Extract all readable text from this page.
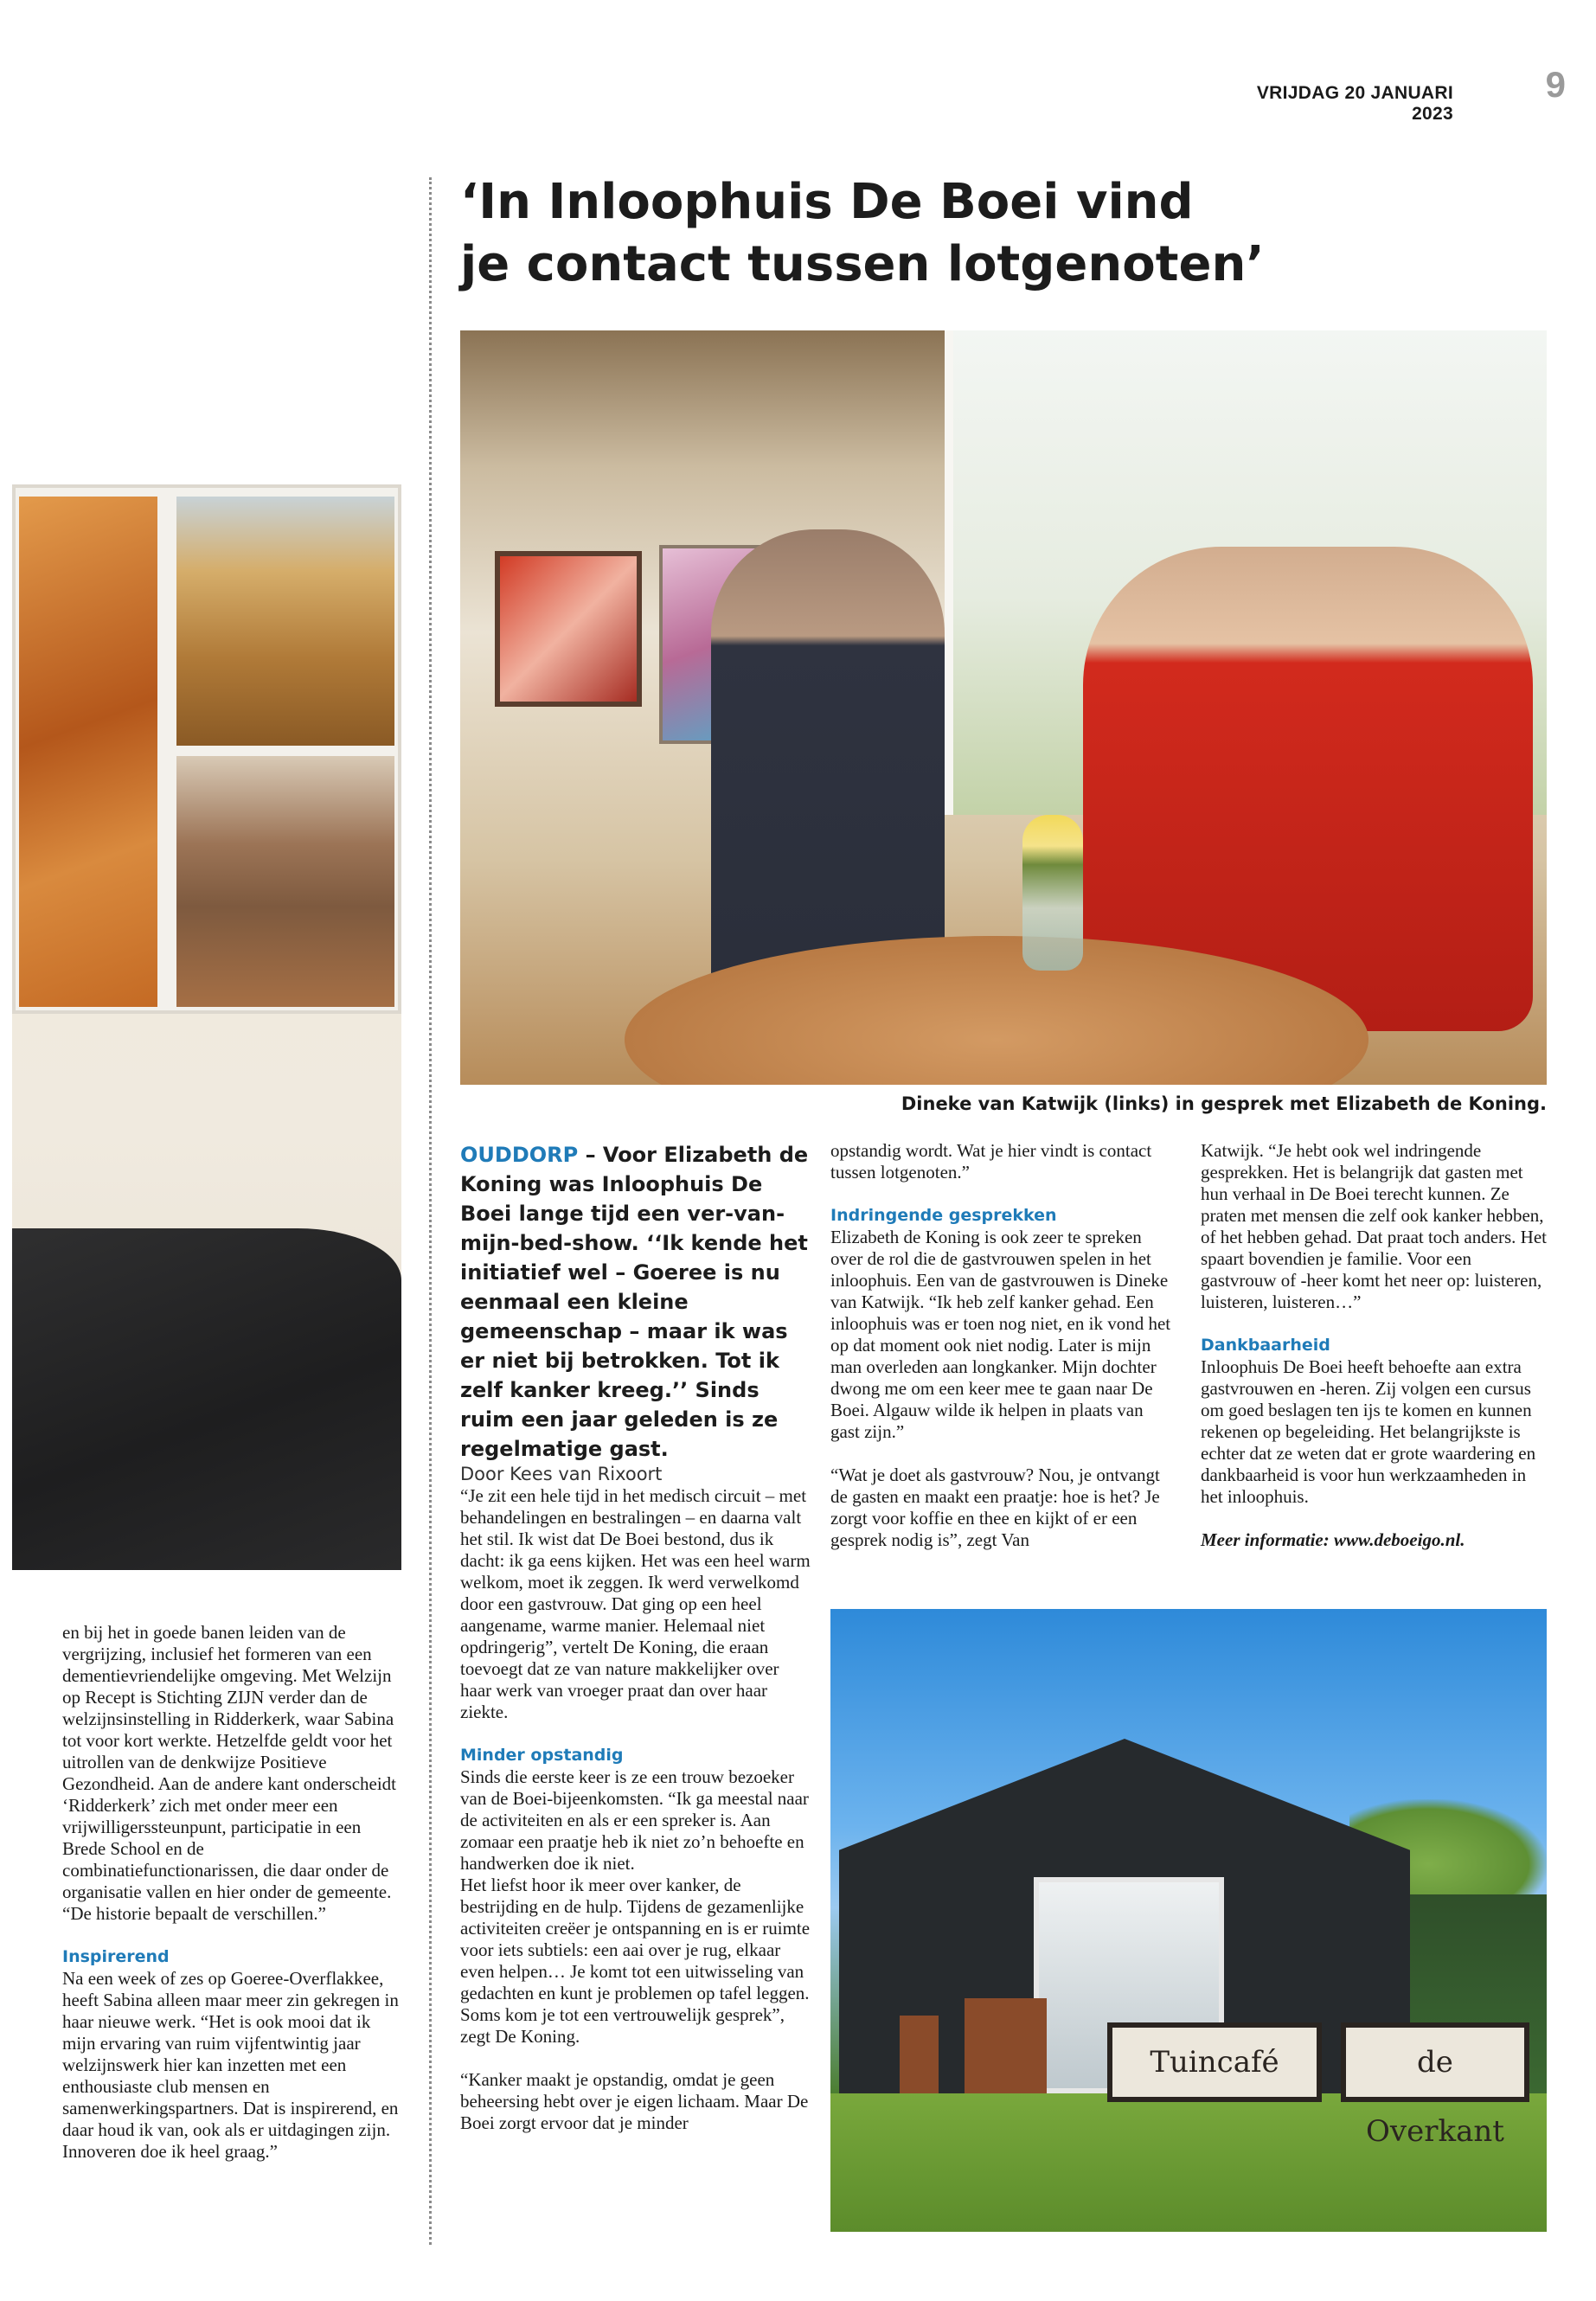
VRIJDAG 20 JANUARI 2023
9
‘In Inloophuis De Boei vind
je contact tussen lotgenoten’
Dineke van Katwijk (links) in gesprek met Elizabeth de Koning.

en bij het in goede banen leiden van de vergrijzing, inclusief het formeren van een dementievriendelijke omgeving. Met Welzijn op Recept is Stichting ZIJN verder dan de welzijnsinstelling in Ridderkerk, waar Sabina tot voor kort werkte. Hetzelfde geldt voor het uitrollen van de denkwijze Positieve Gezondheid. Aan de andere kant onderscheidt ‘Ridderkerk’ zich met onder meer een vrijwilligerssteunpunt, participatie in een Brede School en de combinatiefunctionarissen, die daar onder de organisatie vallen en hier onder de gemeente. “De historie bepaalt de verschillen.”

Inspirerend

Na een week of zes op Goeree-Overflakkee, heeft Sabina alleen maar meer zin gekregen in haar nieuwe werk. “Het is ook mooi dat ik mijn ervaring van ruim vijfentwintig jaar welzijnswerk hier kan inzetten met een enthousiaste club mensen en samenwerkingspartners. Dat is inspirerend, en daar houd ik van, ook als er uitdagingen zijn. Innoveren doe ik heel graag.”

OUDDORP – Voor Elizabeth de Koning was Inloophuis De Boei lange tijd een ver-van-mijn-bed-show. ‘‘Ik kende het initiatief wel – Goeree is nu eenmaal een kleine gemeenschap – maar ik was er niet bij betrokken. Tot ik zelf kanker kreeg.’’ Sinds ruim een jaar geleden is ze regelmatige gast.

Door Kees van Rixoort

“Je zit een hele tijd in het medisch circuit – met behandelingen en bestralingen – en daarna valt het stil. Ik wist dat De Boei bestond, dus ik dacht: ik ga eens kijken. Het was een heel warm welkom, moet ik zeggen. Ik werd verwelkomd door een gastvrouw. Dat ging op een heel aangename, warme manier. Helemaal niet opdringerig”, vertelt De Koning, die eraan toevoegt dat ze van nature makkelijker over haar werk van vroeger praat dan over haar ziekte.

Minder opstandig

Sinds die eerste keer is ze een trouw bezoeker van de Boei-bijeenkomsten. “Ik ga meestal naar de activiteiten en als er een spreker is. Aan zomaar een praatje heb ik niet zo’n behoefte en handwerken doe ik niet.

Het liefst hoor ik meer over kanker, de bestrijding en de hulp. Tijdens de gezamenlijke activiteiten creëer je ontspanning en is er ruimte voor iets subtiels: een aai over je rug, elkaar even helpen… Je komt tot een uitwisseling van gedachten en kunt je problemen op tafel leggen. Soms kom je tot een vertrouwelijk gesprek”, zegt De Koning.

“Kanker maakt je opstandig, omdat je geen beheersing hebt over je eigen lichaam. Maar De Boei zorgt ervoor dat je minder

opstandig wordt. Wat je hier vindt is contact tussen lotgenoten.”

Indringende gesprekken

Elizabeth de Koning is ook zeer te spreken over de rol die de gastvrouwen spelen in het inloophuis. Een van de gastvrouwen is Dineke van Katwijk. “Ik heb zelf kanker gehad. Een inloophuis was er toen nog niet, en ik vond het op dat moment ook niet nodig. Later is mijn man overleden aan longkanker. Mijn dochter dwong me om een keer mee te gaan naar De Boei. Algauw wilde ik helpen in plaats van gast zijn.”

“Wat je doet als gastvrouw? Nou, je ontvangt de gasten en maakt een praatje: hoe is het? Je zorgt voor koffie en thee en kijkt of er een gesprek nodig is”, zegt Van

Katwijk. “Je hebt ook wel indringende gesprekken. Het is belangrijk dat gasten met hun verhaal in De Boei terecht kunnen. Ze praten met mensen die zelf ook kanker hebben, of het hebben gehad. Dat praat toch anders. Het spaart bovendien je familie. Voor een gastvrouw of -heer komt het neer op: luisteren, luisteren, luisteren…”

Dankbaarheid

Inloophuis De Boei heeft behoefte aan extra gastvrouwen en -heren. Zij volgen een cursus om goed beslagen ten ijs te komen en kunnen rekenen op begeleiding. Het belangrijkste is echter dat ze weten dat er grote waardering en dankbaarheid is voor hun werkzaamheden in het inloophuis.

Meer informatie: www.deboeigo.nl.

Tuincafé	de Overkant
